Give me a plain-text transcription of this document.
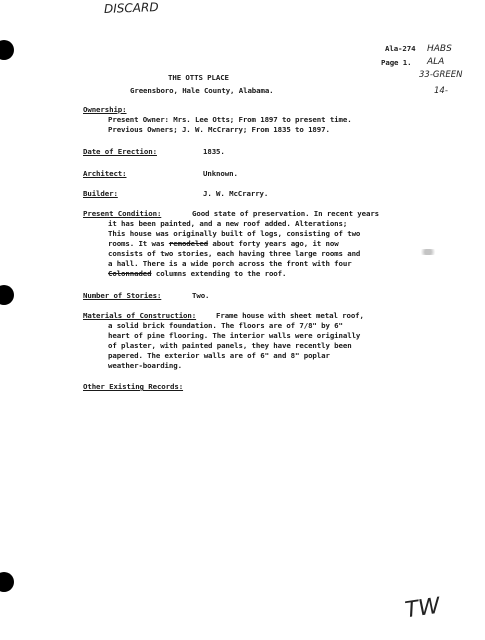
DISCARD
HABS
ALA
33-GREEN
14-
TW
Ala-274
Page 1.
THE OTTS PLACE
Greensboro, Hale County, Alabama.
Ownership:
Present Owner: Mrs. Lee Otts; From 1897 to present time.
Previous Owners; J. W. McCrarry; From 1835 to 1897.
Date of Erection:	1835.
Architect:	Unknown.
Builder:	J. W. McCrarry.
Present Condition:	Good state of preservation. In recent years
it has been painted, and a new roof added. Alterations;
This house was originally built of logs, consisting of two
rooms. It was remodeled about forty years ago, it now
consists of two stories, each having three large rooms and
a hall. There is a wide porch across the front with four
Colonnaded columns extending to the roof.
Number of Stories:	Two.
Materials of Construction:	Frame house with sheet metal roof,
a solid brick foundation. The floors are of 7/8" by 6"
heart of pine flooring. The interior walls were originally
of plaster, with painted panels, they have recently been
papered. The exterior walls are of 6" and 8" poplar
weather-boarding.
Other Existing Records:
